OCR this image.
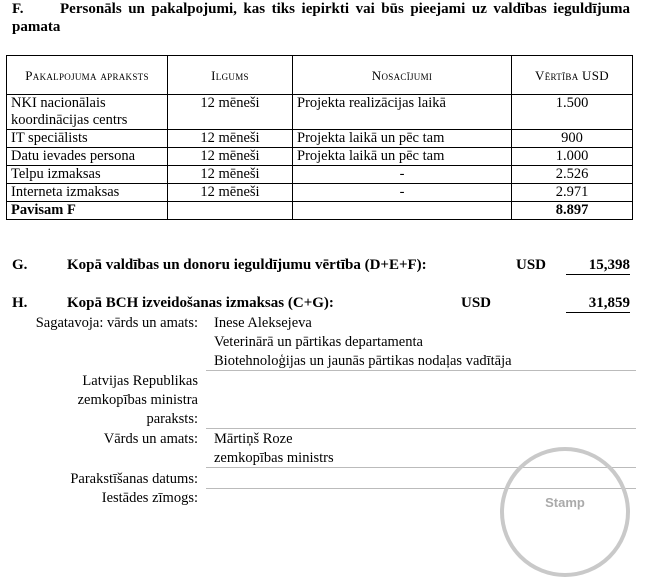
F. Personāls un pakalpojumi, kas tiks iepirkti vai būs pieejami uz valdības ieguldījuma pamata
Pakalpojuma apraksts	Ilgums	Nosacījumi	Vērtība USD
NKI nacionālais koordinācijas centrs	12 mēneši	Projekta realizācijas laikā	1.500
IT speciālists	12 mēneši	Projekta laikā un pēc tam	900
Datu ievades persona	12 mēneši	Projekta laikā un pēc tam	1.000
Telpu izmaksas	12 mēneši	-	2.526
Interneta izmaksas	12 mēneši	-	2.971
Pavisam F			8.897
G.	Kopā valdības un donoru ieguldījumu vērtība (D+E+F):	USD	15,398
H.	Kopā BCH izveidošanas izmaksas (C+G):	USD	31,859
Sagatavoja: vārds un amats: Inese Aleksejeva
Veterinārā un pārtikas departamenta
Biotehnoloģijas un jaunās pārtikas nodaļas vadītāja
Latvijas Republikas
zemkopības ministra
paraksts:
Vārds un amats: Mārtiņš Roze
zemkopības ministrs
Parakstīšanas datums:
Iestādes zīmogs:	Stamp
